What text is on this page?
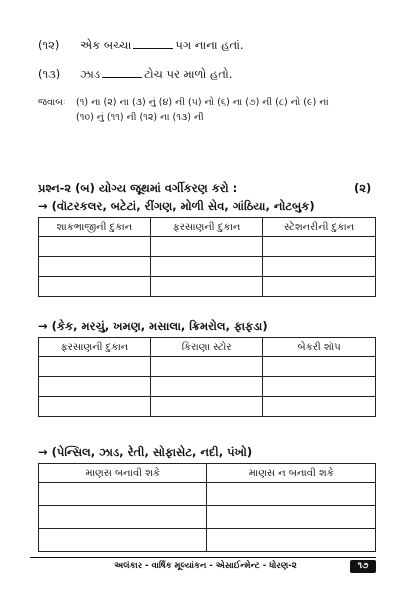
(૧૨) એક બચ્ચા	પગ નાના હતાં.
(૧૩) ઝાડ	ટોચ પર માળો હતો.
જવાબઃ (૧) ના (૨) ના (૩) નું (૪) ની (૫) નો (૬) ના (૭) ની (૮) નો (૯) નાં
(૧૦) નું (૧૧) ની (૧૨) ના (૧૩) ની
પ્રશ્ન-૨ (બ) યોગ્ય જૂથમાં વર્ગીકરણ કરો :	(૨)
→ (વૉટરકલર, બટેટાં, રીંગણ, મોળી સેવ, ગાંઠિયા, નોટબુક)
શાકભાજીની દુકાન	ફરસાણની દુકાન	સ્ટેશનરીની દુકાન

→ (કેક, મરચું, ખમણ, મસાલા, ક્રિમરોલ, ફાફડા)
ફરસાણની દુકાન	કિરાણા સ્ટોર	બેકરી શૉપ

→ (પેન્સિલ, ઝાડ, રેતી, સોફાસેટ, નદી, પંખો)
માણસ બનાવી શકે	માણસ ન બનાવી શકે

અલંકાર - વાર્ષિક મૂલ્યાંકન - એસાઈન્મેન્ટ - ધોરણ-૨	૧૭
